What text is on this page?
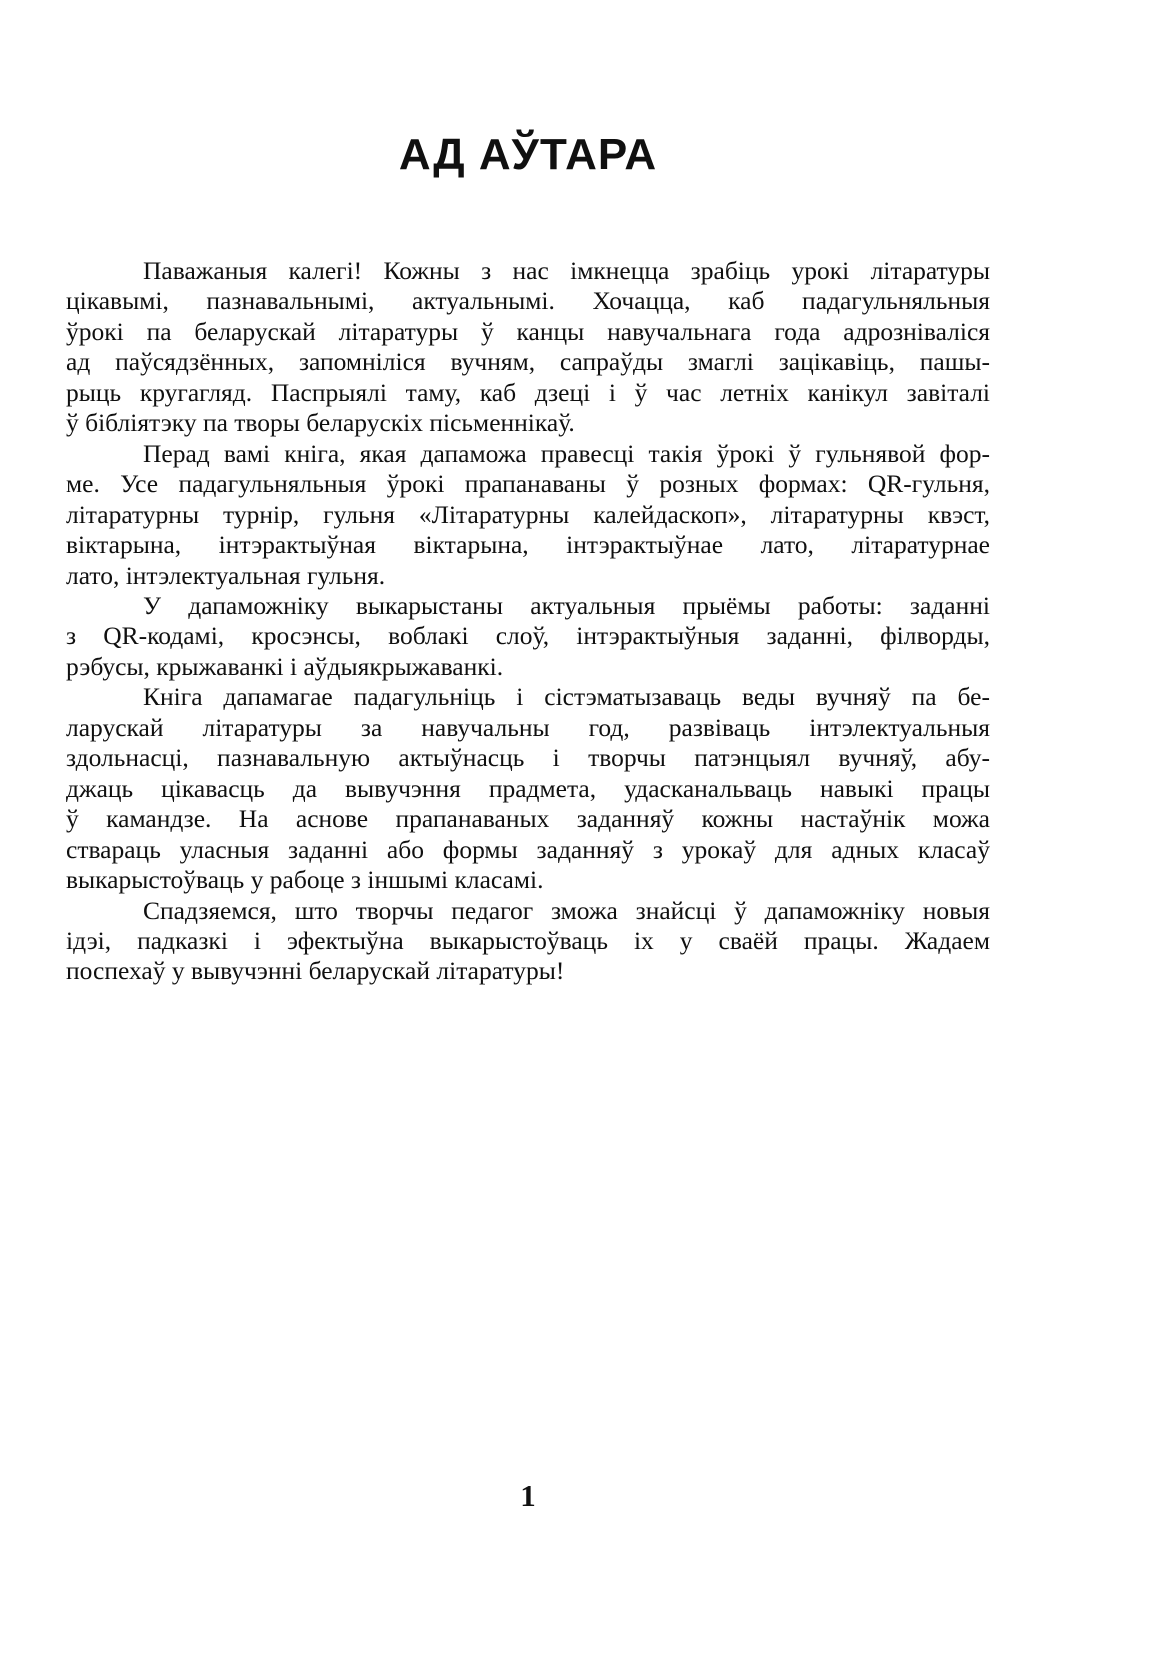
АД АЎТАРА
Паважаныя калегі! Кожны з нас імкнецца зрабіць урокі літаратуры
цікавымі, пазнавальнымі, актуальнымі. Хочацца, каб падагульняльныя
ўрокі па беларускай літаратуры ў канцы навучальнага года адрозніваліся
ад паўсядзённых, запомніліся вучням, сапраўды змаглі зацікавіць, пашы-
рыць кругагляд. Паспрыялі таму, каб дзеці і ў час летніх канікул завіталі
ў бібліятэку па творы беларускіх пісьменнікаў.
Перад вамі кніга, якая дапаможа правесці такія ўрокі ў гульнявой фор-
ме. Усе падагульняльныя ўрокі прапанаваны ў розных формах: QR-гульня,
літаратурны турнір, гульня «Літаратурны калейдаскоп», літаратурны квэст,
віктарына, інтэрактыўная віктарына, інтэрактыўнае лато, літаратурнае
лато, інтэлектуальная гульня.
У дапаможніку выкарыстаны актуальныя прыёмы работы: заданні
з QR-кодамі, кросэнсы, воблакі слоў, інтэрактыўныя заданні, філворды,
рэбусы, крыжаванкі і аўдыякрыжаванкі.
Кніга дапамагае падагульніць і сістэматызаваць веды вучняў па бе-
ларускай літаратуры за навучальны год, развіваць інтэлектуальныя
здольнасці, пазнавальную актыўнасць і творчы патэнцыял вучняў, абу-
джаць цікавасць да вывучэння прадмета, удасканальваць навыкі працы
ў камандзе. На аснове прапанаваных заданняў кожны настаўнік можа
ствараць уласныя заданні або формы заданняў з урокаў для адных класаў
выкарыстоўваць у рабоце з іншымі класамі.
Спадзяемся, што творчы педагог зможа знайсці ў дапаможніку новыя
ідэі, падказкі і эфектыўна выкарыстоўваць іх у сваёй працы. Жадаем
поспехаў у вывучэнні беларускай літаратуры!
1
